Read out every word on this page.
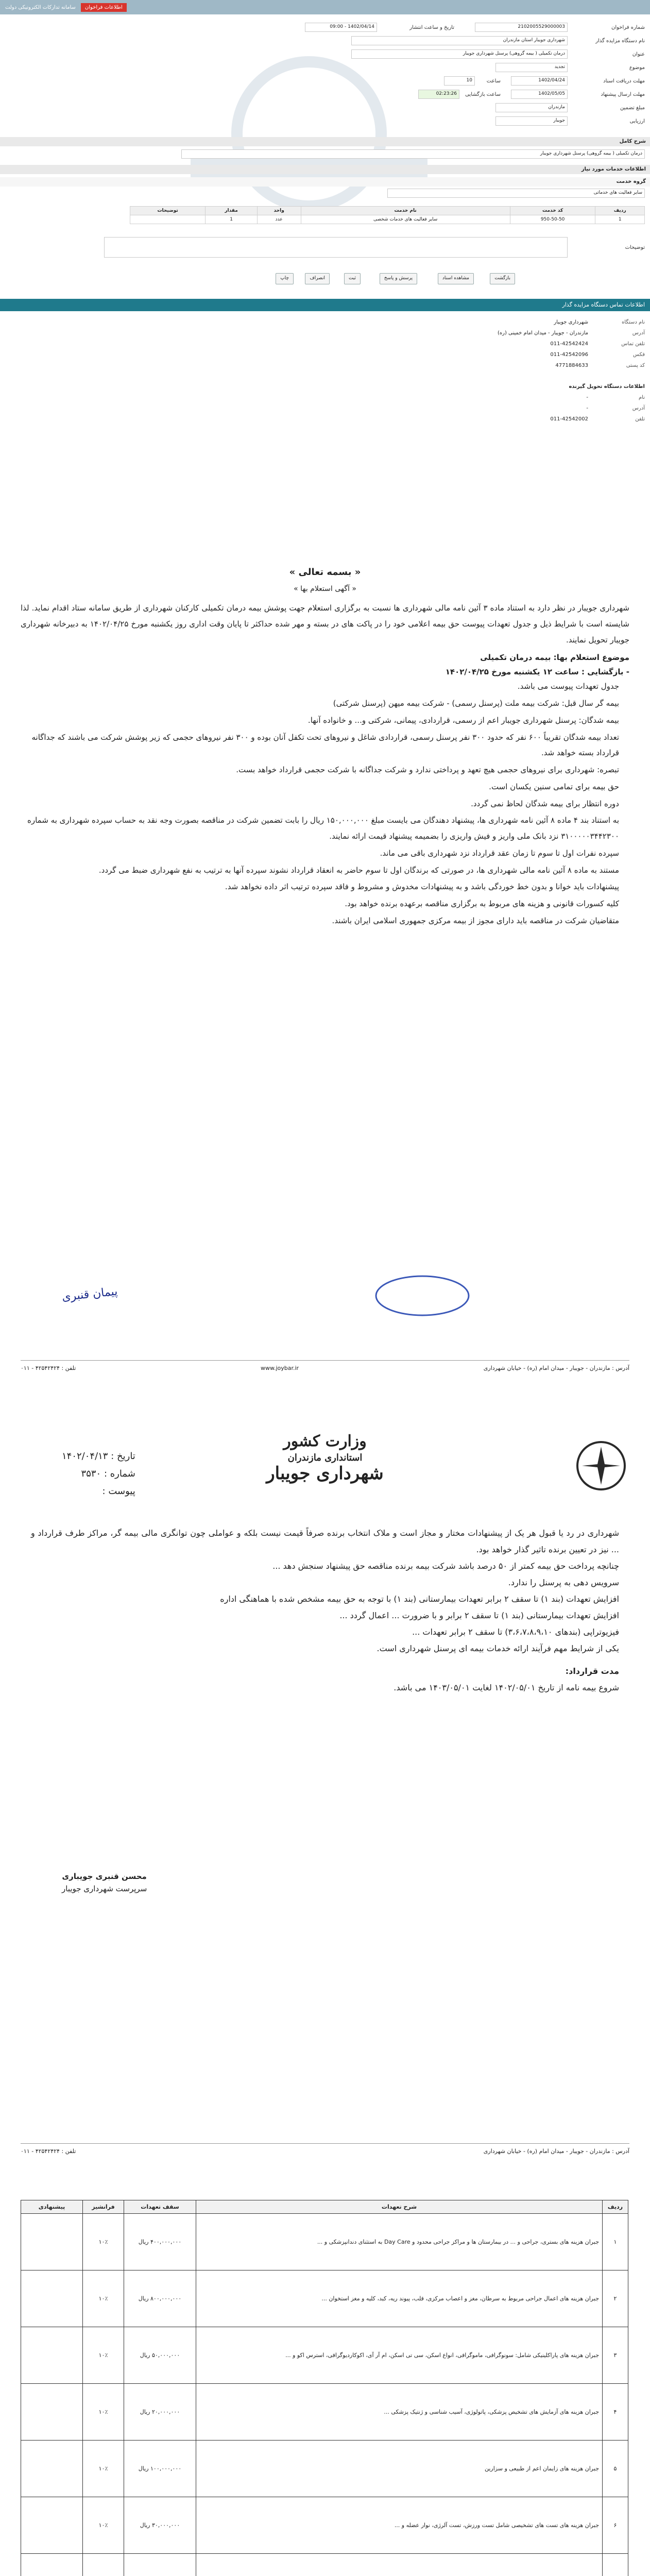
اطلاعات فراخوان
سامانه تدارکات الکترونیکی دولت
شماره فراخوان
2102005529000003
تاریخ و ساعت انتشار
1402/04/14 - 09:00
نام دستگاه مزایده گذار
شهرداری جویبار استان مازندران
عنوان
درمان تکمیلی ( بیمه گروهی) پرسنل شهرداری جویبار
موضوع
تجدید
مهلت دریافت اسناد
1402/04/24
ساعت
10
مهلت ارسال پیشنهاد
1402/05/05
ساعت بازگشایی
02:23:26
مبلغ تضمین
مازندران
ارزیابی
جویبار
شرح کامل
درمان تکمیلی ( بیمه گروهی) پرسنل شهرداری جویبار
اطلاعات خدمات مورد نیاز
گروه خدمت
سایر فعالیت های خدماتی
ردیف	کد خدمت	نام خدمت	واحد	مقدار	توضیحات
1	950-50-50	سایر فعالیت های خدمات شخصی	عدد	1	
توضیحات
بازگشت
مشاهده اسناد
پرسش و پاسخ
ثبت
انصراف
چاپ
اطلاعات تماس دستگاه مزایده گذار
نام دستگاه
شهرداری جویبار
آدرس
مازندران - جویبار - میدان امام خمینی (ره)
تلفن تماس
011-42542424
فکس
011-42542096
کد پستی
4771884633
اطلاعات دستگاه تحویل گیرنده
نام
-
آدرس
-
تلفن
011-42542002
« بسمه تعالی »
« آگهی استعلام بها »

شهرداری جویبار در نظر دارد به استناد ماده ۳ آئین نامه مالی شهرداری ها نسبت به برگزاری استعلام جهت پوشش بیمه درمان تکمیلی کارکنان شهرداری از طریق سامانه ستاد اقدام نماید. لذا شایسته است با شرایط ذیل و جدول تعهدات پیوست حق بیمه اعلامی خود را در پاکت های در بسته و مهر شده حداکثر تا پایان وقت اداری روز یکشنبه مورخ ۱۴۰۲/۰۴/۲۵ به دبیرخانه شهرداری جویبار تحویل نمایند.

موضوع استعلام بها: بیمه درمان تکمیلی

- بازگشایی : ساعت ۱۲ یکشنبه مورخ ۱۴۰۲/۰۴/۲۵

جدول تعهدات پیوست می باشد.
بیمه گر سال قبل: شرکت بیمه ملت (پرسنل رسمی) - شرکت بیمه میهن (پرسنل شرکتی)
بیمه شدگان: پرسنل شهرداری جویبار اعم از رسمی، قراردادی، پیمانی، شرکتی و... و خانواده آنها.
تعداد بیمه شدگان تقریباً ۶۰۰ نفر که حدود ۳۰۰ نفر پرسنل رسمی، قراردادی شاغل و نیروهای تحت تکفل آنان بوده و ۳۰۰ نفر نیروهای حجمی که زیر پوشش شرکت می باشند که جداگانه قرارداد بسته خواهد شد.
تبصره: شهرداری برای نیروهای حجمی هیچ تعهد و پرداختی ندارد و شرکت جداگانه با شرکت حجمی قرارداد خواهد بست.
حق بیمه برای تمامی سنین یکسان است.
دوره انتظار برای بیمه شدگان لحاظ نمی گردد.
به استناد بند ۴ ماده ۸ آئین نامه شهرداری ها، پیشنهاد دهندگان می بایست مبلغ ۱۵۰,۰۰۰,۰۰۰ ریال را بابت تضمین شرکت در مناقصه بصورت وجه نقد به حساب سپرده شهرداری به شماره ۳۱۰۰۰۰۰۳۴۴۲۳۰۰ نزد بانک ملی واریز و فیش واریزی را بضمیمه پیشنهاد قیمت ارائه نمایند.
سپرده نفرات اول تا سوم تا زمان عقد قرارداد نزد شهرداری باقی می ماند.
مستند به ماده ۸ آئین نامه مالی شهرداری ها، در صورتی که برندگان اول تا سوم حاضر به انعقاد قرارداد نشوند سپرده آنها به ترتیب به نفع شهرداری ضبط می گردد.
پیشنهادات باید خوانا و بدون خط خوردگی باشد و به پیشنهادات مخدوش و مشروط و فاقد سپرده ترتیب اثر داده نخواهد شد.
کلیه کسورات قانونی و هزینه های مربوط به برگزاری مناقصه برعهده برنده خواهد بود.
متقاضیان شرکت در مناقصه باید دارای مجوز از بیمه مرکزی جمهوری اسلامی ایران باشند.
پیمان قنبری
آدرس : مازندران - جویبار - میدان امام (ره) - خیابان شهرداری
www.joybar.ir
تلفن : ۴۲۵۴۲۴۲۴ - ۰۱۱
وزارت کشور
استانداری مازندران
شهرداری جویبار
تاریخ : ۱۴۰۲/۰۴/۱۳
شماره : ۳۵۳۰
پیوست :

شهرداری در رد یا قبول هر یک از پیشنهادات مختار و مجاز است و ملاک انتخاب برنده صرفاً قیمت نیست بلکه و عواملی چون توانگری مالی بیمه گر، مراکز طرف قرارداد و ... نیز در تعیین برنده تاثیر گذار خواهد بود.

چنانچه پرداخت حق بیمه کمتر از ۵۰ درصد باشد شرکت بیمه برنده مناقصه حق پیشنهاد سنجش دهد ...

سرویس دهی به پرسنل را ندارد.

افزایش تعهدات (بند ۱) تا سقف ۲ برابر تعهدات بیمارستانی (بند ۱) با توجه به حق بیمه مشخص شده با هماهنگی اداره

افزایش تعهدات بیمارستانی (بند ۱) تا سقف ۲ برابر و با ضرورت ... اعمال گردد ...

فیزیوتراپی (بندهای ۳،۶،۷،۸،۹،۱۰) تا سقف ۲ برابر تعهدات ...

یکی از شرایط مهم فرآیند ارائه خدمات بیمه ای پرسنل شهرداری است.

مدت قرارداد:

شروع بیمه نامه از تاریخ ۱۴۰۲/۰۵/۰۱ لغایت ۱۴۰۳/۰۵/۰۱ می باشد.

محسن قنبری جویباری
سرپرست شهرداری جویبار
آدرس : مازندران - جویبار - میدان امام (ره) - خیابان شهرداری
تلفن : ۴۲۵۴۲۴۲۴ - ۰۱۱
ردیف	شرح تعهدات	سقف تعهدات	فرانشیز	پیشنهادی
۱	جبران هزینه های بستری، جراحی و ... در بیمارستان ها و مراکز جراحی محدود و Day Care به استثنای دندانپزشکی و ...	۴۰۰,۰۰۰,۰۰۰ ریال	۱۰٪	
۲	جبران هزینه های اعمال جراحی مربوط به سرطان، مغز و اعصاب مرکزی، قلب، پیوند ریه، کبد، کلیه و مغز استخوان ...	۸۰۰,۰۰۰,۰۰۰ ریال	۱۰٪	
۳	جبران هزینه های پاراکلینیکی شامل: سونوگرافی، ماموگرافی، انواع اسکن، سی تی اسکن، ام آر آی، اکوکاردیوگرافی، استرس اکو و ...	۵۰,۰۰۰,۰۰۰ ریال	۱۰٪	
۴	جبران هزینه های آزمایش های تشخیص پزشکی، پاتولوژی، آسیب شناسی و ژنتیک پزشکی ...	۲۰,۰۰۰,۰۰۰ ریال	۱۰٪	
۵	جبران هزینه های زایمان اعم از طبیعی و سزارین	۱۰۰,۰۰۰,۰۰۰ ریال	۱۰٪	
۶	جبران هزینه های تست های تشخیصی شامل تست ورزش، تست آلرژی، نوار عضله و ...	۳۰,۰۰۰,۰۰۰ ریال	۱۰٪	
